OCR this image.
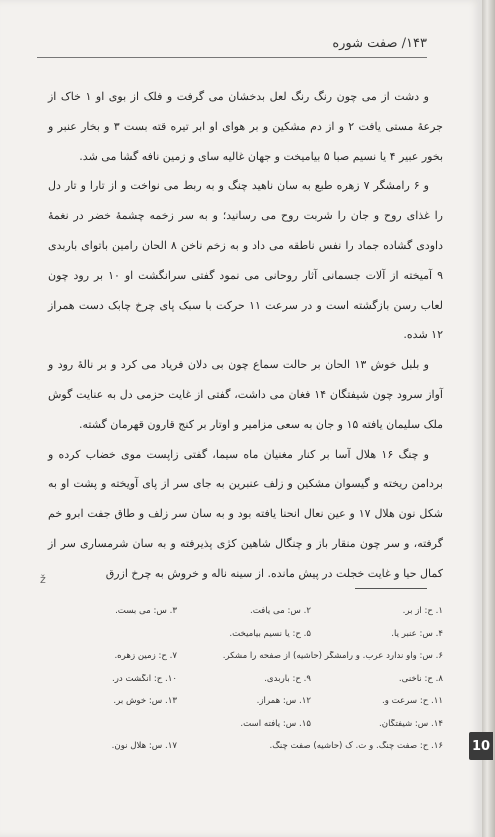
۱۴۳/ صفت شوره

و دشت از می چون رنگ رنگ لعل بدخشان می گرفت و فلک از بوی او ۱ خاک از جرعهٔ مستی یافت ۲ و از دم مشکین و بر هوای او ابر تیره قته بست ۳ و بخار عنبر و بخور عبیر ۴ یا نسیم صبا ۵ بیامیخت و جهان غالیه سای و زمین نافه گشا می شد.

و ۶ رامشگر ۷ زهره طبع به سان ناهید چنگ و به ربط می نواخت و از تارا و تار دل را غذای روح و جان را شربت روح می رسانید؛ و به سر زخمه چشمهٔ خضر در نغمهٔ داودی گشاده جماد را نفس ناطقه می داد و به زخم ناخن ۸ الحان رامین باتوای باربدی ۹ آمیخته از آلات جسمانی آثار روحانی می نمود گفتی سرانگشت او ۱۰ بر رود چون لعاب رسن بازگشته است و در سرعت ۱۱ حرکت با سبک پای چرخ چابک دست همراز ۱۲ شده.

و بلبل خوش ۱۳ الحان بر حالت سماع چون بی دلان فریاد می کرد و بر نالهٔ رود و آواز سرود چون شیفتگان ۱۴ فغان می داشت، گفتی از غایت حزمی دل به عنایت گوش ملک سلیمان یافته ۱۵ و جان به سعی مزامیر و اوتار بر کنج قارون قهرمان گشته.

و چنگ ۱۶ هلال آسا بر کنار مغنیان ماه سیما، گفتی زاپست موی خضاب کرده و بردامن ریخته و گیسوان مشکین و زلف عنبرین به جای سر از پای آویخته و پشت او به شکل نون هلال ۱۷ و عین نعال انحنا یافته بود و به سان سر زلف و طاق جفت ابرو خم گرفته، و سر چون منقار باز و چنگال شاهین کژی پذیرفته و به سان شرمساری سر از کمال حیا و غایت خجلت در پیش مانده. از سینه ناله و خروش به چرخ ازرق

ž
۱. ح: از بر.
۲. س: می یافت.
۳. س: می بست.
۴. س: عنبر یا.
۵. ح: یا نسیم بیامیخت.
۶. س: واو ندارد عرب. و رامشگر (حاشیه) از صفحه را مشکر.
۷. ح: زمین زهره.
۸. ح: ناخنی.
۹. ح: باربدی.
۱۰. ح: انگشت در.
۱۱. ح: سرعت و.
۱۲. س: همراز.
۱۳. س: خوش بر.
۱۴. س: شیفتگان.
۱۵. س: یافته است.
۱۶. ح: صفت چنگ. و ت. ک (حاشیه) صفت چنگ.
۱۷. س: هلال نون.	10
